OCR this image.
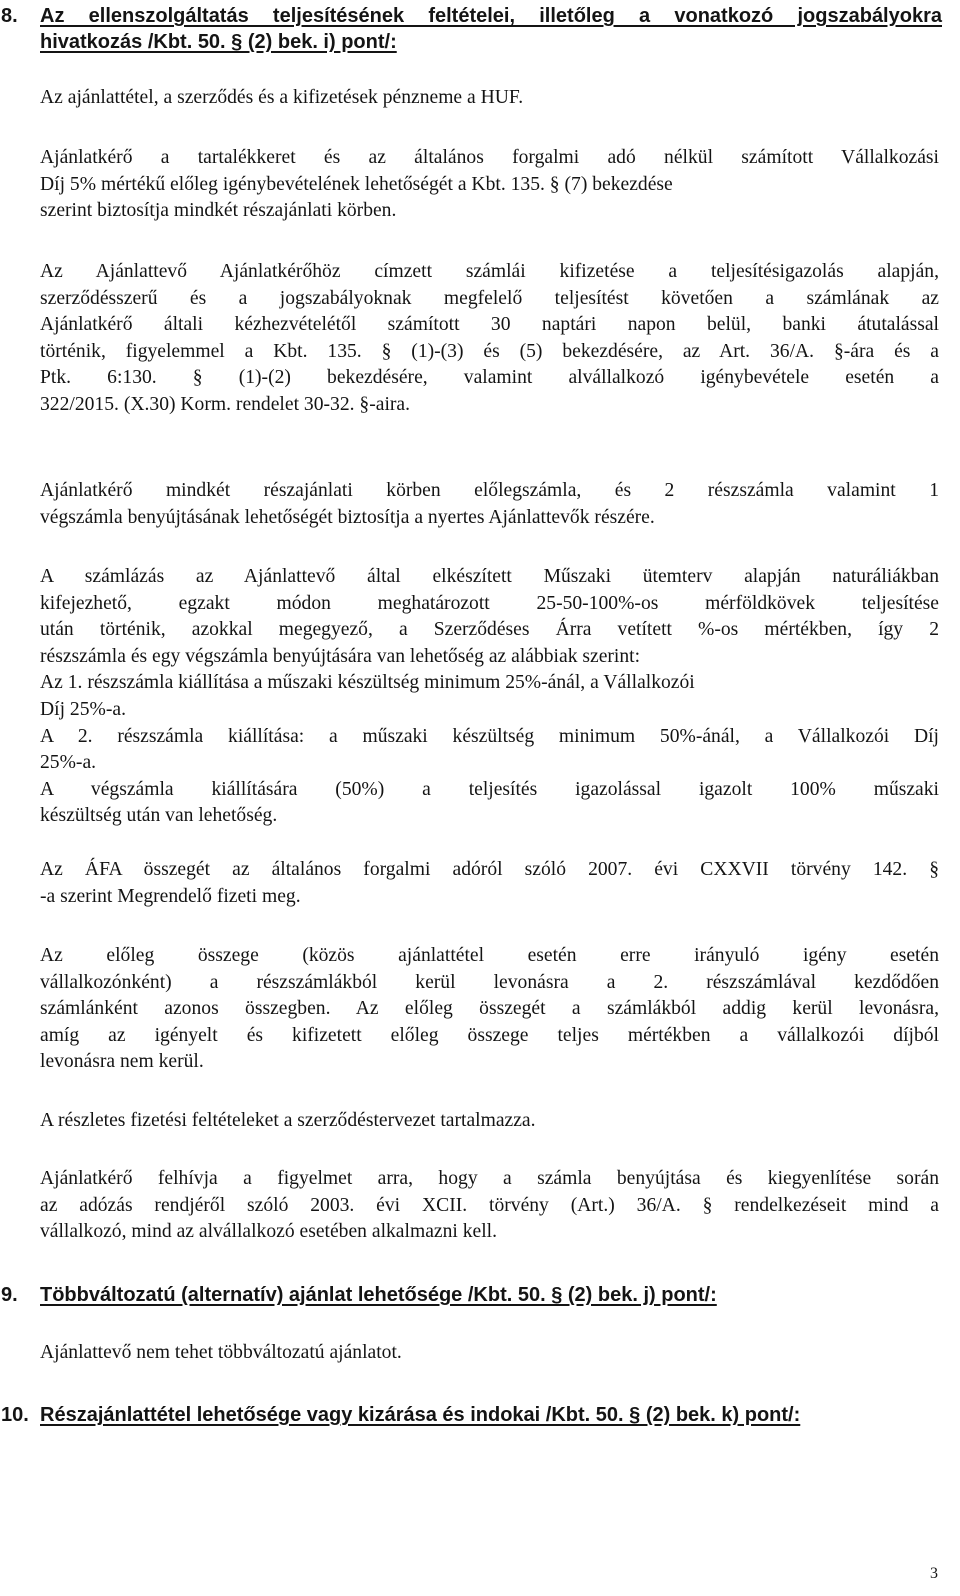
8. Az ellenszolgáltatás teljesítésének feltételei, illetőleg a vonatkozó jogszabályokra
hivatkozás /Kbt. 50. § (2) bek. i) pont/:
Az ajánlattétel, a szerződés és a kifizetések pénzneme a HUF.
Ajánlatkérő a tartalékkeret és az általános forgalmi adó nélkül számított Vállalkozási
Díj 5% mértékű előleg igénybevételének lehetőségét a Kbt. 135. § (7) bekezdése
szerint biztosítja mindkét részajánlati körben.
Az Ajánlattevő Ajánlatkérőhöz címzett számlái kifizetése a teljesítésigazolás alapján,
szerződésszerű és a jogszabályoknak megfelelő teljesítést követően a számlának az
Ajánlatkérő általi kézhezvételétől számított 30 naptári napon belül, banki átutalással
történik, figyelemmel a Kbt. 135. § (1)-(3) és (5) bekezdésére, az Art. 36/A. §-ára és a
Ptk. 6:130. § (1)-(2) bekezdésére, valamint alvállalkozó igénybevétele esetén a
322/2015. (X.30) Korm. rendelet 30-32. §-aira.
Ajánlatkérő mindkét részajánlati körben előlegszámla, és 2 részszámla valamint 1
végszámla benyújtásának lehetőségét biztosítja a nyertes Ajánlattevők részére.
A számlázás az Ajánlattevő által elkészített Műszaki ütemterv alapján naturáliákban
kifejezhető, egzakt módon meghatározott 25-50-100%-os mérföldkövek teljesítése
után történik, azokkal megegyező, a Szerződéses Árra vetített %-os mértékben, így 2
részszámla és egy végszámla benyújtására van lehetőség az alábbiak szerint:
Az 1. részszámla kiállítása a műszaki készültség minimum 25%-ánál, a Vállalkozói
Díj 25%-a.
A 2. részszámla kiállítása: a műszaki készültség minimum 50%-ánál, a Vállalkozói Díj
25%-a.
A végszámla kiállítására (50%) a teljesítés igazolással igazolt 100% műszaki
készültség után van lehetőség.
Az ÁFA összegét az általános forgalmi adóról szóló 2007. évi CXXVII törvény 142. §
-a szerint Megrendelő fizeti meg.
Az előleg összege (közös ajánlattétel esetén erre irányuló igény esetén
vállalkozónként) a részszámlákból kerül levonásra a 2. részszámlával kezdődően
számlánként azonos összegben. Az előleg összegét a számlákból addig kerül levonásra,
amíg az igényelt és kifizetett előleg összege teljes mértékben a vállalkozói díjból
levonásra nem kerül.
A részletes fizetési feltételeket a szerződéstervezet tartalmazza.
Ajánlatkérő felhívja a figyelmet arra, hogy a számla benyújtása és kiegyenlítése során
az adózás rendjéről szóló 2003. évi XCII. törvény (Art.) 36/A. § rendelkezéseit mind a
vállalkozó, mind az alvállalkozó esetében alkalmazni kell.
9. Többváltozatú (alternatív) ajánlat lehetősége /Kbt. 50. § (2) bek. j) pont/:
Ajánlattevő nem tehet többváltozatú ajánlatot.
10. Részajánlattétel lehetősége vagy kizárása és indokai /Kbt. 50. § (2) bek. k) pont/:
3
